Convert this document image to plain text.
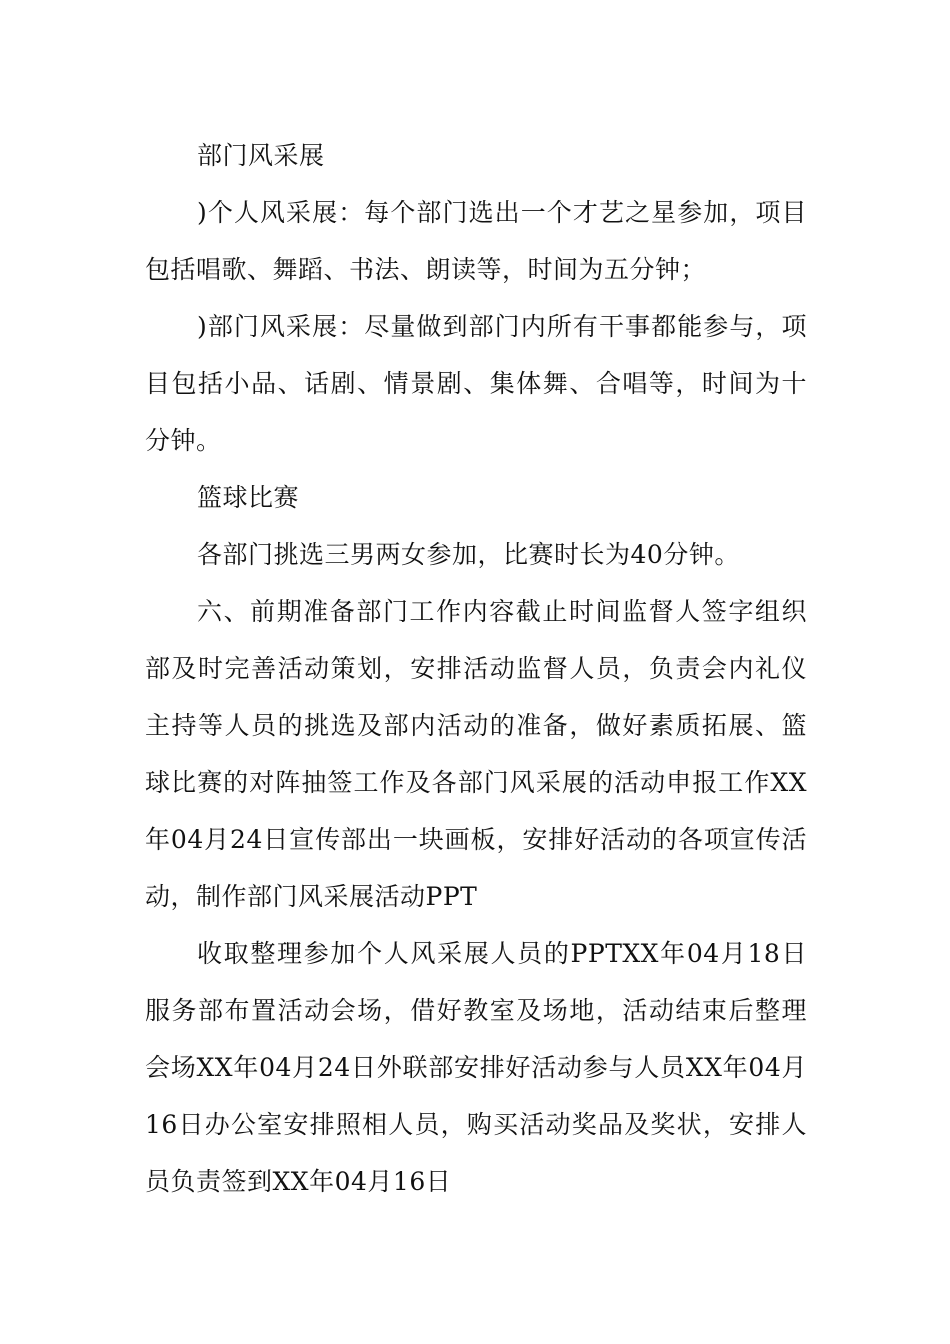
部门风采展

)个人风采展：每个部门选出一个才艺之星参加，项目包括唱歌、舞蹈、书法、朗读等，时间为五分钟；

)部门风采展：尽量做到部门内所有干事都能参与，项目包括小品、话剧、情景剧、集体舞、合唱等，时间为十分钟。

篮球比赛

各部门挑选三男两女参加，比赛时长为40分钟。

六、前期准备部门工作内容截止时间监督人签字组织部及时完善活动策划，安排活动监督人员，负责会内礼仪主持等人员的挑选及部内活动的准备，做好素质拓展、篮球比赛的对阵抽签工作及各部门风采展的活动申报工作XX年04月24日宣传部出一块画板，安排好活动的各项宣传活动，制作部门风采展活动PPT

收取整理参加个人风采展人员的PPTXX年04月18日服务部布置活动会场，借好教室及场地，活动结束后整理会场XX年04月24日外联部安排好活动参与人员XX年04月16日办公室安排照相人员，购买活动奖品及奖状，安排人员负责签到XX年04月16日
